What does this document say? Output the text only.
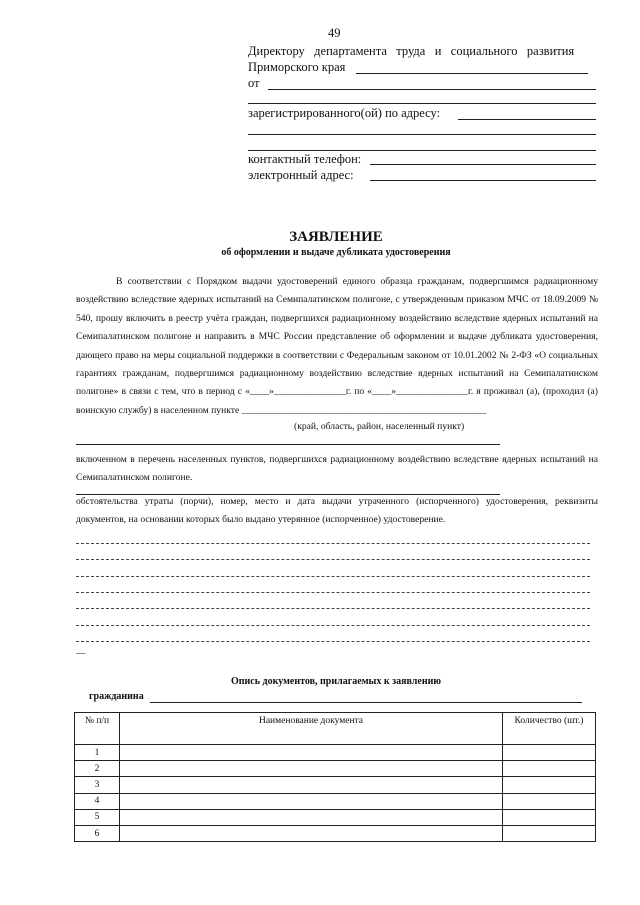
49
Директору   департамента   труда   и   социального   развития
Приморского края
от
зарегистрированного(ой) по адресу:
контактный телефон:
электронный адрес:
ЗАЯВЛЕНИЕ
об оформлении и выдаче дубликата удостоверения
В соответствии с Порядком выдачи удостоверений единого образца гражданам, подвергшимся радиационному воздействию вследствие ядерных испытаний на Семипалатинском полигоне, с утвержденным приказом МЧС от 18.09.2009 № 540, прошу включить в реестр учёта граждан, подвергшихся радиационному воздействию вследствие ядерных испытаний на Семипалатинском полигоне и направить в МЧС России представление об оформлении и выдаче дубликата удостоверения, дающего право на меры социальной поддержки в соответствии с Федеральным законом от 10.01.2002 № 2-ФЗ «О социальных гарантиях гражданам, подвергшимся радиационному воздействию вследствие ядерных испытаний на Семипалатинском полигоне» в связи с тем, что в период с «____»_______________г. по «____»_______________г. я проживал (а), (проходил (а) воинскую службу) в населенном пункте ___________________________________________________
(край, область, район, населенный пункт)
включенном в перечень населенных пунктов, подвергшихся радиационному воздействию вследствие ядерных испытаний на Семипалатинском полигоне.
обстоятельства утраты (порчи), номер, место и дата выдачи утраченного (испорченного) удостоверения, реквизиты документов, на основании которых было выдано утерянное (испорченное) удостоверение.
—
Опись документов, прилагаемых к заявлению
гражданина
№ п/п	Наименование документа	Количество (шт.)
1		
2		
3		
4		
5		
6		
